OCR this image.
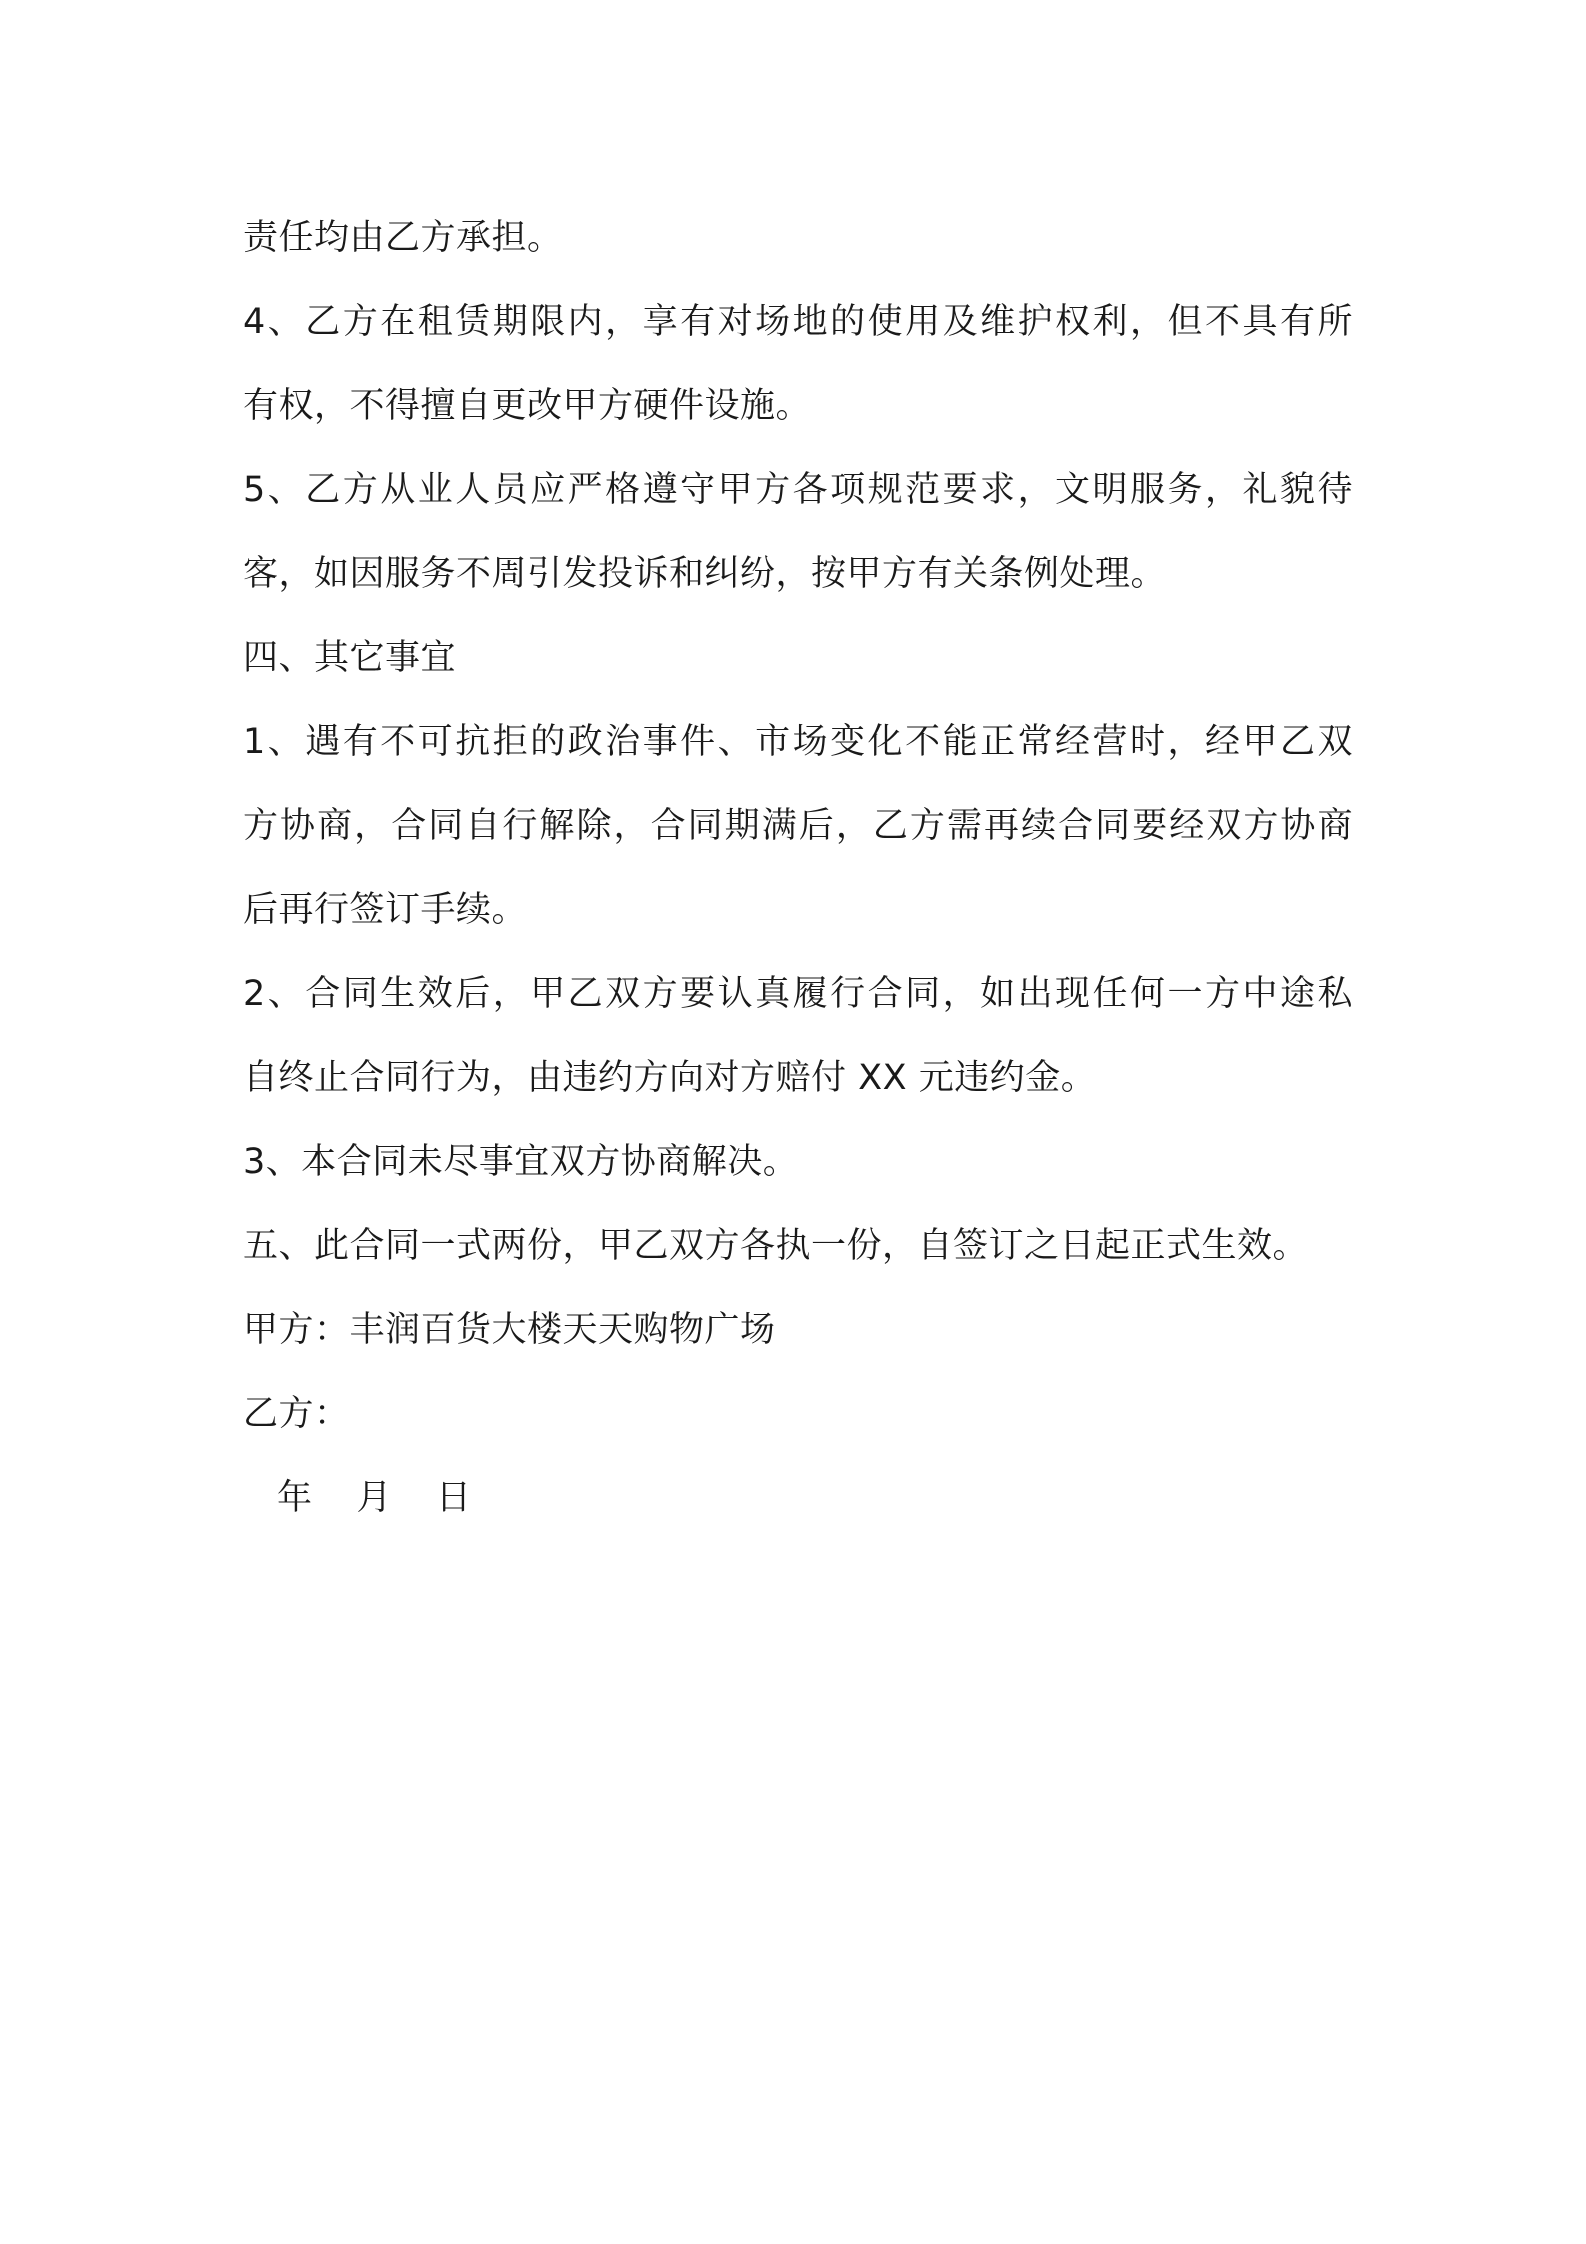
责任均由乙方承担。
4、乙方在租赁期限内，享有对场地的使用及维护权利，但不具有所
有权，不得擅自更改甲方硬件设施。
5、乙方从业人员应严格遵守甲方各项规范要求，文明服务，礼貌待
客，如因服务不周引发投诉和纠纷，按甲方有关条例处理。
四、其它事宜
1、遇有不可抗拒的政治事件、市场变化不能正常经营时，经甲乙双
方协商，合同自行解除，合同期满后，乙方需再续合同要经双方协商
后再行签订手续。
2、合同生效后，甲乙双方要认真履行合同，如出现任何一方中途私
自终止合同行为，由违约方向对方赔付 XX 元违约金。
3、本合同未尽事宜双方协商解决。
五、此合同一式两份，甲乙双方各执一份，自签订之日起正式生效。
甲方：丰润百货大楼天天购物广场
乙方：
年 月 日
